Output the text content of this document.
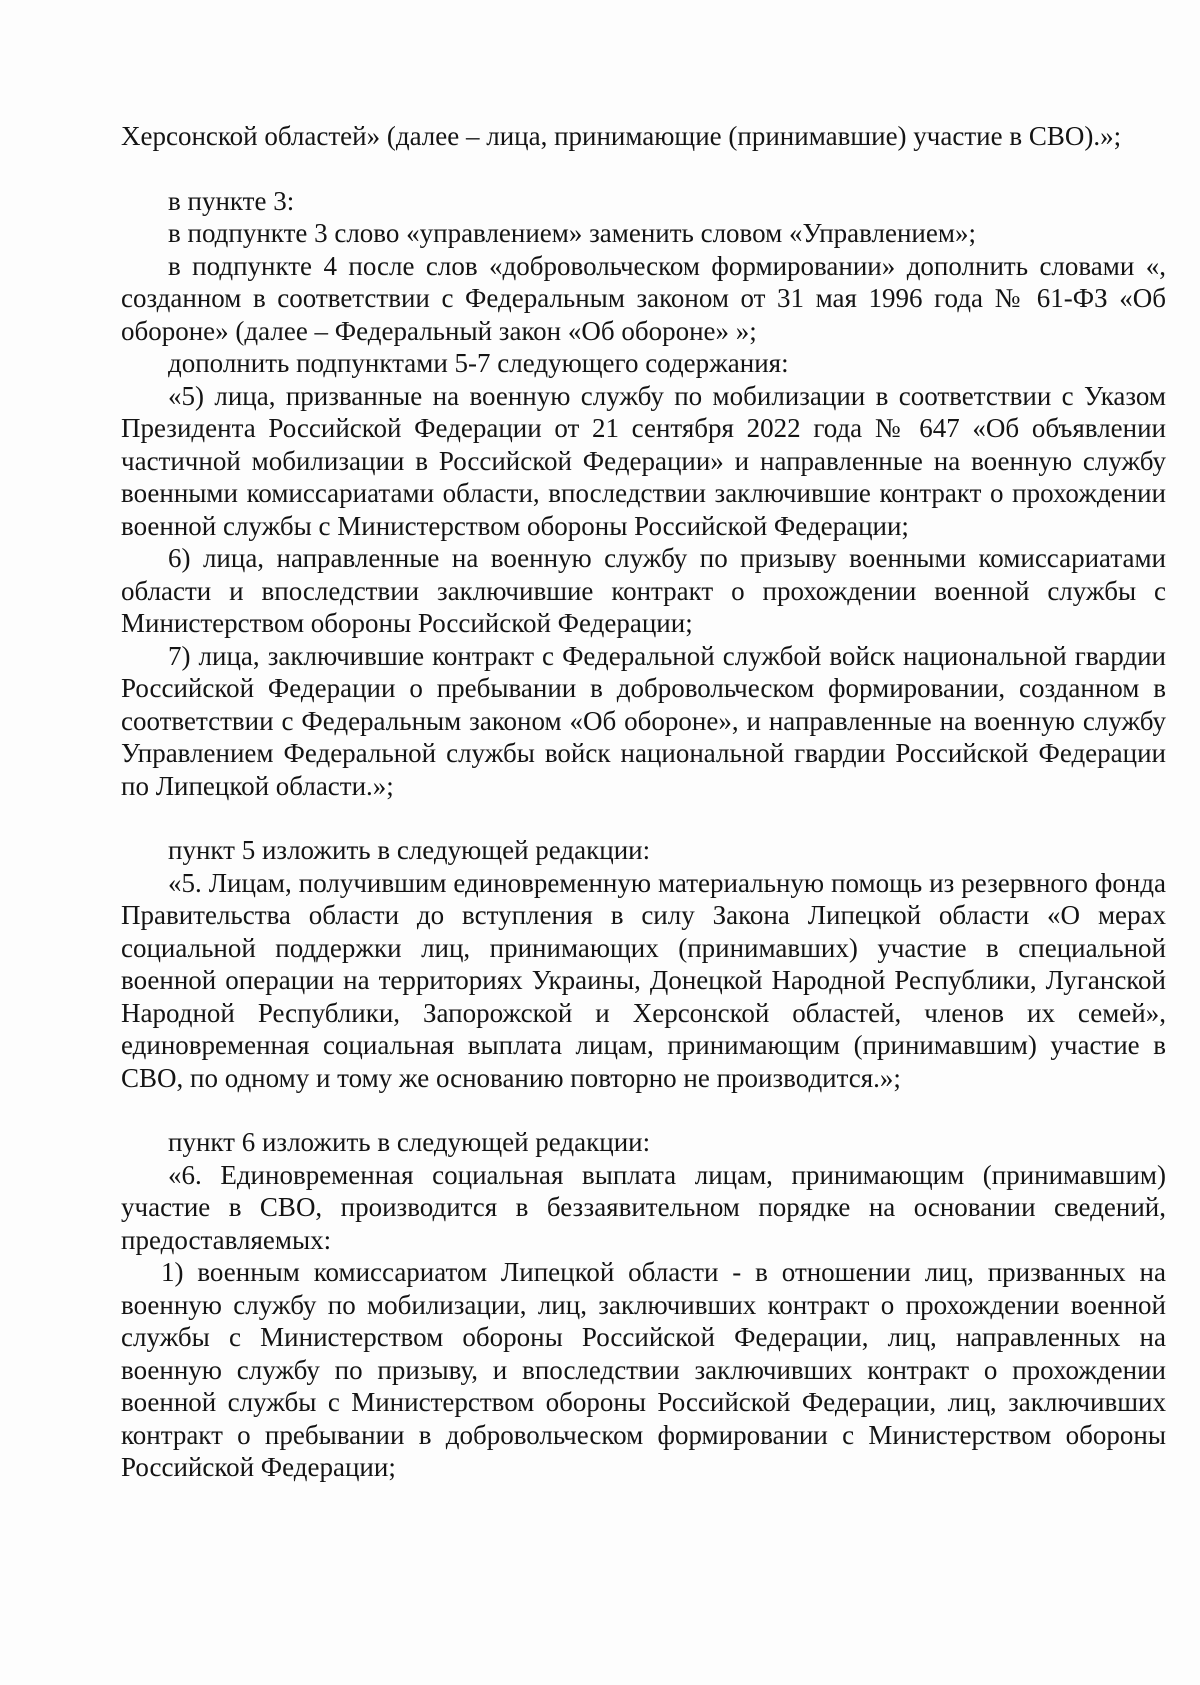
Херсонской областей» (далее – лица, принимающие (принимавшие) участие в СВО).»;

в пункте 3:

в подпункте 3 слово «управлением» заменить словом «Управлением»;

в подпункте 4 после слов «добровольческом формировании» дополнить словами «, созданном в соответствии с Федеральным законом от 31 мая 1996 года № 61-ФЗ «Об обороне» (далее – Федеральный закон «Об обороне» »;

дополнить подпунктами 5-7 следующего содержания:

«5) лица, призванные на военную службу по мобилизации в соответствии с Указом Президента Российской Федерации от 21 сентября 2022 года № 647 «Об объявлении частичной мобилизации в Российской Федерации» и направленные на военную службу военными комиссариатами области, впоследствии заключившие контракт о прохождении военной службы с Министерством обороны Российской Федерации;

6) лица, направленные на военную службу по призыву военными комиссариатами области и впоследствии заключившие контракт о прохождении военной службы с Министерством обороны Российской Федерации;

7) лица, заключившие контракт с Федеральной службой войск национальной гвардии Российской Федерации о пребывании в добровольческом формировании, созданном в соответствии с Федеральным законом «Об обороне», и направленные на военную службу Управлением Федеральной службы войск национальной гвардии Российской Федерации по Липецкой области.»;

пункт 5 изложить в следующей редакции:

«5. Лицам, получившим единовременную материальную помощь из резервного фонда Правительства области до вступления в силу Закона Липецкой области «О мерах социальной поддержки лиц, принимающих (принимавших) участие в специальной военной операции на территориях Украины, Донецкой Народной Республики, Луганской Народной Республики, Запорожской и Херсонской областей, членов их семей», единовременная социальная выплата лицам, принимающим (принимавшим) участие в СВО, по одному и тому же основанию повторно не производится.»;

пункт 6 изложить в следующей редакции:

«6. Единовременная социальная выплата лицам, принимающим (принимавшим) участие в СВО, производится в беззаявительном порядке на основании сведений, предоставляемых:

1) военным комиссариатом Липецкой области - в отношении лиц, призванных на военную службу по мобилизации, лиц, заключивших контракт о прохождении военной службы с Министерством обороны Российской Федерации, лиц, направленных на военную службу по призыву, и впоследствии заключивших контракт о прохождении военной службы с Министерством обороны Российской Федерации, лиц, заключивших контракт о пребывании в добровольческом формировании с Министерством обороны Российской Федерации;
